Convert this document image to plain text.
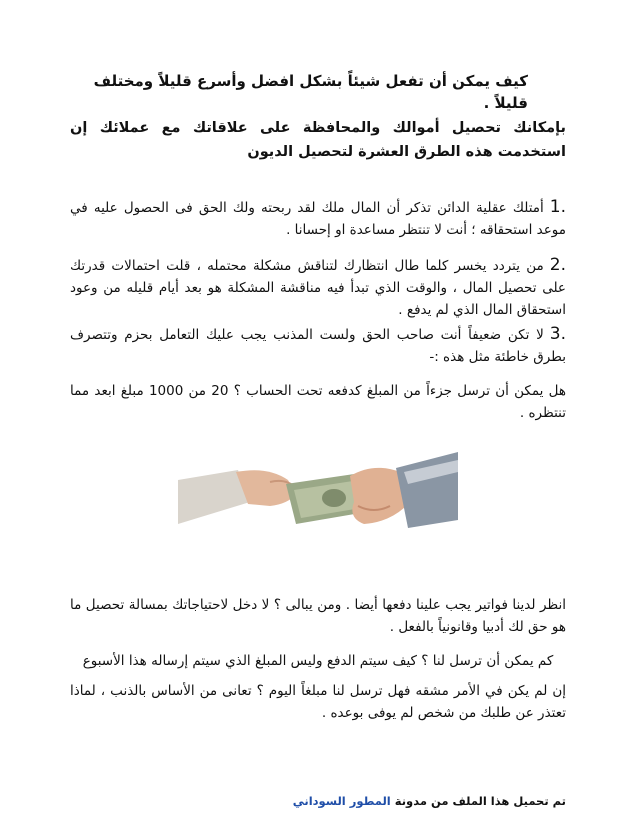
كيف يمكن أن تفعل شيئاً بشكل افضل وأسرع قليلاً ومختلف قليلاً .
بإمكانك تحصيل أموالك والمحافظة على علاقاتك مع عملائك إن استخدمت هذه الطرق العشرة لتحصيل الديون
1.أمتلك عقلية الدائن تذكر أن المال ملك لقد ربحته ولك الحق فى الحصول عليه في موعد استحقاقه ؛ أنت لا تنتظر مساعدة او إحسانا .
2.من يتردد يخسر كلما طال انتظارك لتناقش مشكلة محتمله ، قلت احتمالات قدرتك على تحصيل المال ، والوقت الذي تبدأ فيه مناقشة المشكلة هو بعد أيام قليله من وعود استحقاق المال الذي لم يدفع .
3.لا تكن ضعيفاً أنت صاحب الحق ولست المذنب يجب عليك التعامل بحزم وتتصرف بطرق خاطئة مثل هذه :-
هل يمكن أن ترسل جزءاً من المبلغ كدفعه تحت الحساب ؟ 20 من 1000 مبلغ ابعد مما تنتظره .
انظر لدينا فواتير يجب علينا دفعها أيضا . ومن يبالى ؟ لا دخل لاحتياجاتك بمسالة تحصيل ما هو حق لك أدبيا وقانونياً بالفعل .
كم يمكن أن ترسل لنا ؟ كيف سيتم الدفع وليس المبلغ الذي سيتم إرساله هذا الأسبوع
إن لم يكن في الأمر مشقه فهل ترسل لنا مبلغاً اليوم ؟ تعانى من الأساس بالذنب ، لماذا تعتذر عن طلبك من شخص لم يوفى بوعده .
تم تحميل هذا الملف من مدونة المطور السوداني
